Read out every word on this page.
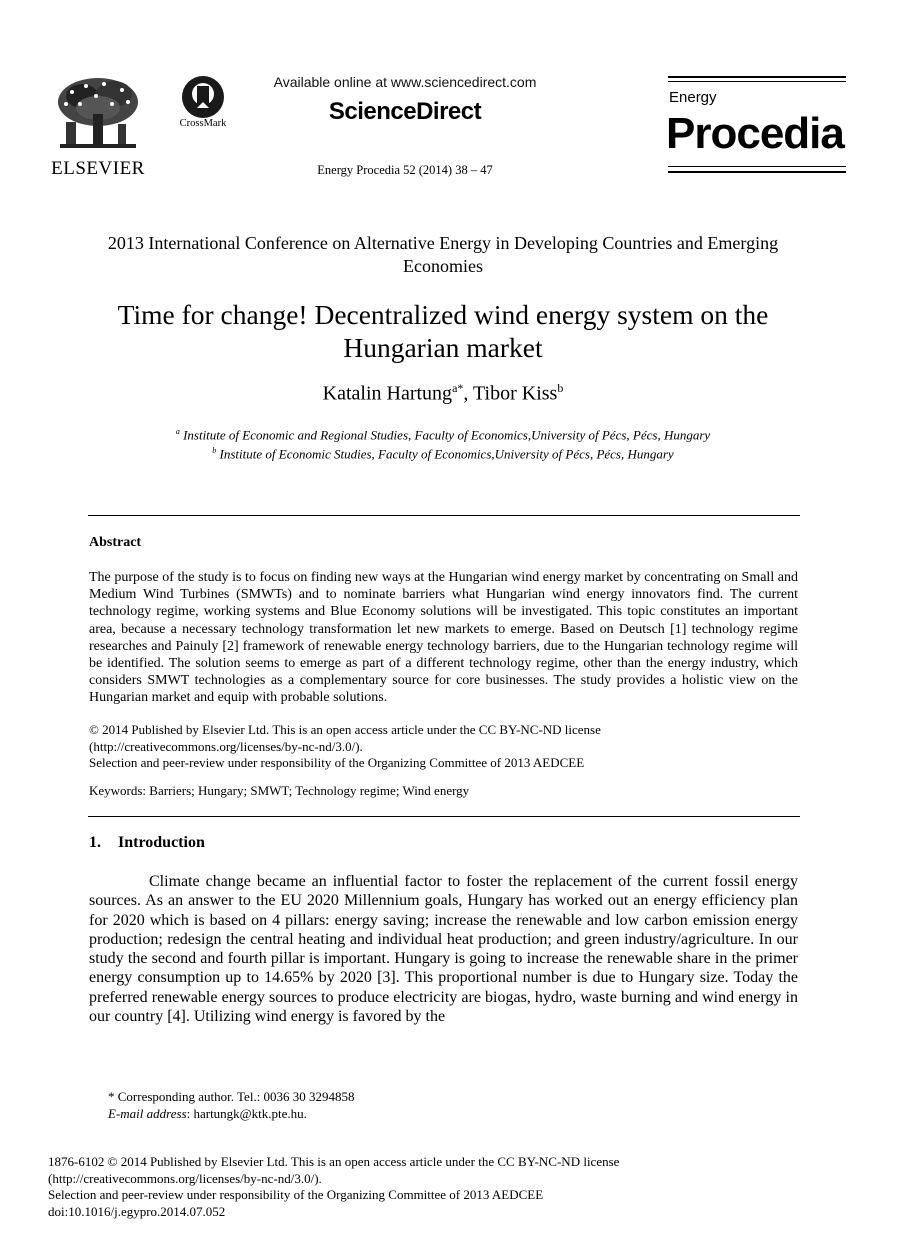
ELSEVIER
CrossMark
Available online at www.sciencedirect.com
ScienceDirect
Energy Procedia 52 (2014) 38 – 47
Energy
Procedia
2013 International Conference on Alternative Energy in Developing Countries and Emerging Economies
Time for change! Decentralized wind energy system on the Hungarian market
Katalin Hartung$^{a*}$, Tibor Kiss$^b$
$^a$ Institute of Economic and Regional Studies, Faculty of Economics,University of Pécs, Pécs, Hungary
$^b$ Institute of Economic Studies, Faculty of Economics,University of Pécs, Pécs, Hungary
Abstract
The purpose of the study is to focus on finding new ways at the Hungarian wind energy market by concentrating on Small and Medium Wind Turbines (SMWTs) and to nominate barriers what Hungarian wind energy innovators find. The current technology regime, working systems and Blue Economy solutions will be investigated. This topic constitutes an important area, because a necessary technology transformation let new markets to emerge. Based on Deutsch [1] technology regime researches and Painuly [2] framework of renewable energy technology barriers, due to the Hungarian technology regime will be identified. The solution seems to emerge as part of a different technology regime, other than the energy industry, which considers SMWT technologies as a complementary source for core businesses. The study provides a holistic view on the Hungarian market and equip with probable solutions.
© 2014 Published by Elsevier Ltd. This is an open access article under the CC BY-NC-ND license
(http://creativecommons.org/licenses/by-nc-nd/3.0/).
Selection and peer-review under responsibility of the Organizing Committee of 2013 AEDCEE
Keywords: Barriers; Hungary; SMWT; Technology regime; Wind energy
1. Introduction
Climate change became an influential factor to foster the replacement of the current fossil energy sources. As an answer to the EU 2020 Millennium goals, Hungary has worked out an energy efficiency plan for 2020 which is based on 4 pillars: energy saving; increase the renewable and low carbon emission energy production; redesign the central heating and individual heat production; and green industry/agriculture. In our study the second and fourth pillar is important. Hungary is going to increase the renewable share in the primer energy consumption up to 14.65% by 2020 [3]. This proportional number is due to Hungary size. Today the preferred renewable energy sources to produce electricity are biogas, hydro, waste burning and wind energy in our country [4]. Utilizing wind energy is favored by the
* Corresponding author. Tel.: 0036 30 3294858
E-mail address: hartungk@ktk.pte.hu.
1876-6102 © 2014 Published by Elsevier Ltd. This is an open access article under the CC BY-NC-ND license
(http://creativecommons.org/licenses/by-nc-nd/3.0/).
Selection and peer-review under responsibility of the Organizing Committee of 2013 AEDCEE
doi:10.1016/j.egypro.2014.07.052
